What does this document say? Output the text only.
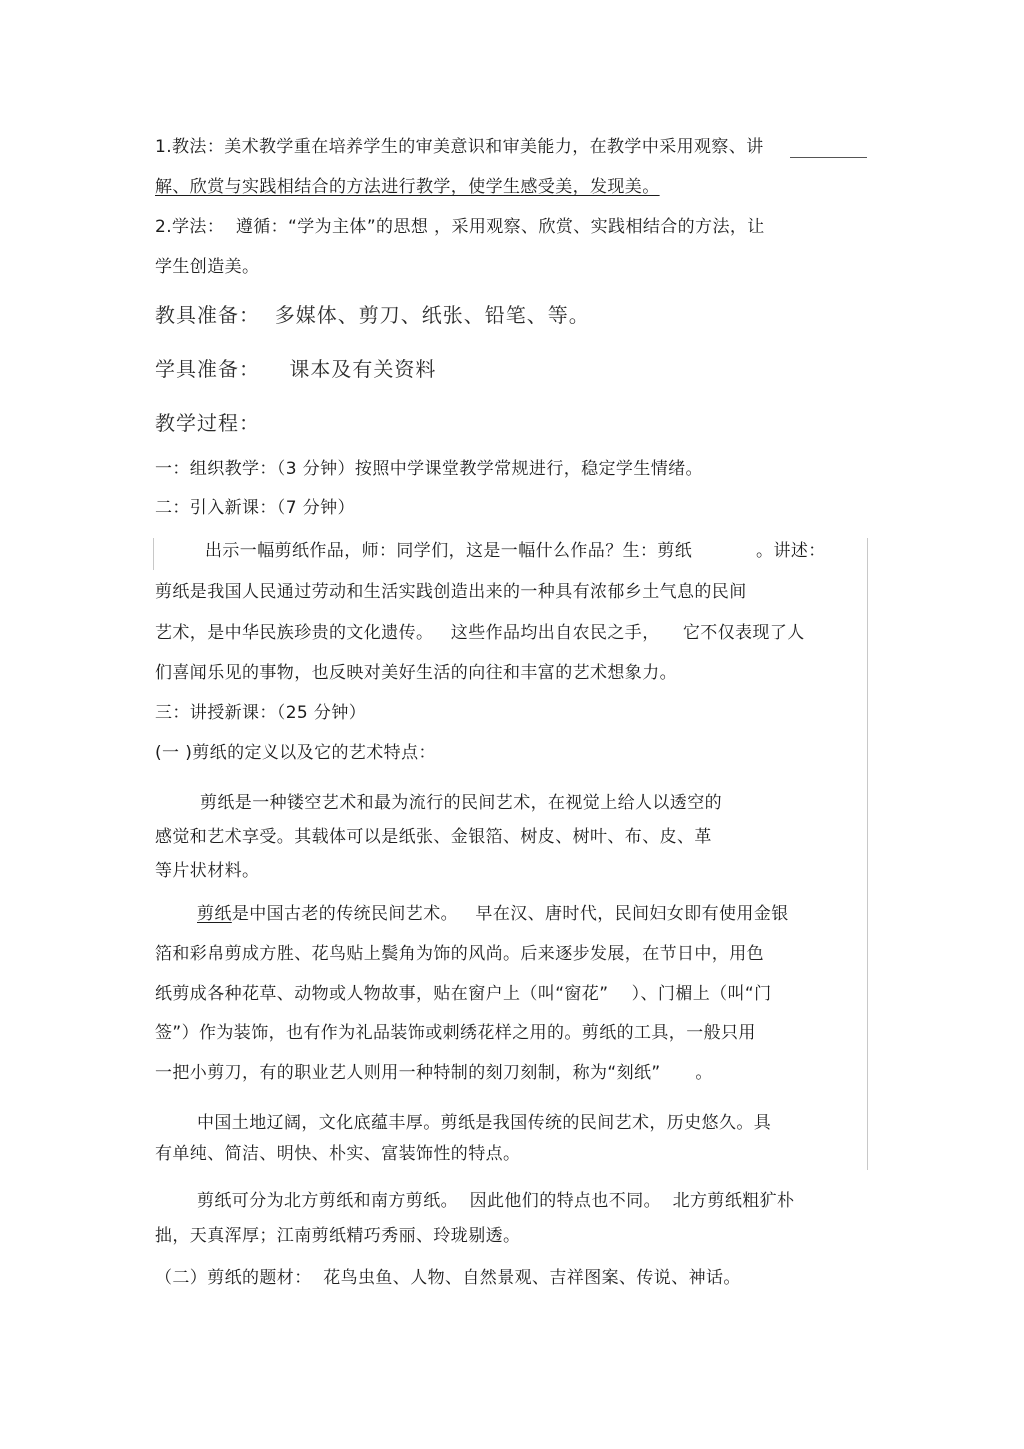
1.教法：美术教学重在培养学生的审美意识和审美能力，在教学中采用观察、讲
解、欣赏与实践相结合的方法进行教学，使学生感受美，发现美。
2.学法：  遵循：“学为主体”的思想 ，采用观察、欣赏、实践相结合的方法，让
学生创造美。
教具准备：  多媒体、剪刀、纸张、铅笔、等。
学具准备：    课本及有关资料
教学过程：
一：组织教学：（3 分钟）按照中学课堂教学常规进行，稳定学生情绪。
二：引入新课：（7 分钟）
出示一幅剪纸作品，师：同学们，这是一幅什么作品？生：剪纸           。讲述：
剪纸是我国人民通过劳动和生活实践创造出来的一种具有浓郁乡土气息的民间
艺术，是中华民族珍贵的文化遗传。   这些作品均出自农民之手，    它不仅表现了人
们喜闻乐见的事物，也反映对美好生活的向往和丰富的艺术想象力。
三：讲授新课：（25 分钟）
(一 )剪纸的定义以及它的艺术特点：
剪纸是一种镂空艺术和最为流行的民间艺术，在视觉上给人以透空的
感觉和艺术享受。其载体可以是纸张、金银箔、树皮、树叶、布、皮、革
等片状材料。
剪纸是中国古老的传统民间艺术。   早在汉、唐时代，民间妇女即有使用金银
箔和彩帛剪成方胜、花鸟贴上鬓角为饰的风尚。后来逐步发展，在节日中，用色
纸剪成各种花草、动物或人物故事，贴在窗户上（叫“窗花”    ）、门楣上（叫“门
签”）作为装饰，也有作为礼品装饰或刺绣花样之用的。剪纸的工具，一般只用
一把小剪刀，有的职业艺人则用一种特制的刻刀刻制，称为“刻纸”      。
中国土地辽阔，文化底蕴丰厚。剪纸是我国传统的民间艺术，历史悠久。具
有单纯、简洁、明快、朴实、富装饰性的特点。
剪纸可分为北方剪纸和南方剪纸。  因此他们的特点也不同。  北方剪纸粗犷朴
拙，天真浑厚；江南剪纸精巧秀丽、玲珑剔透。
（二）剪纸的题材：  花鸟虫鱼、人物、自然景观、吉祥图案、传说、神话。
